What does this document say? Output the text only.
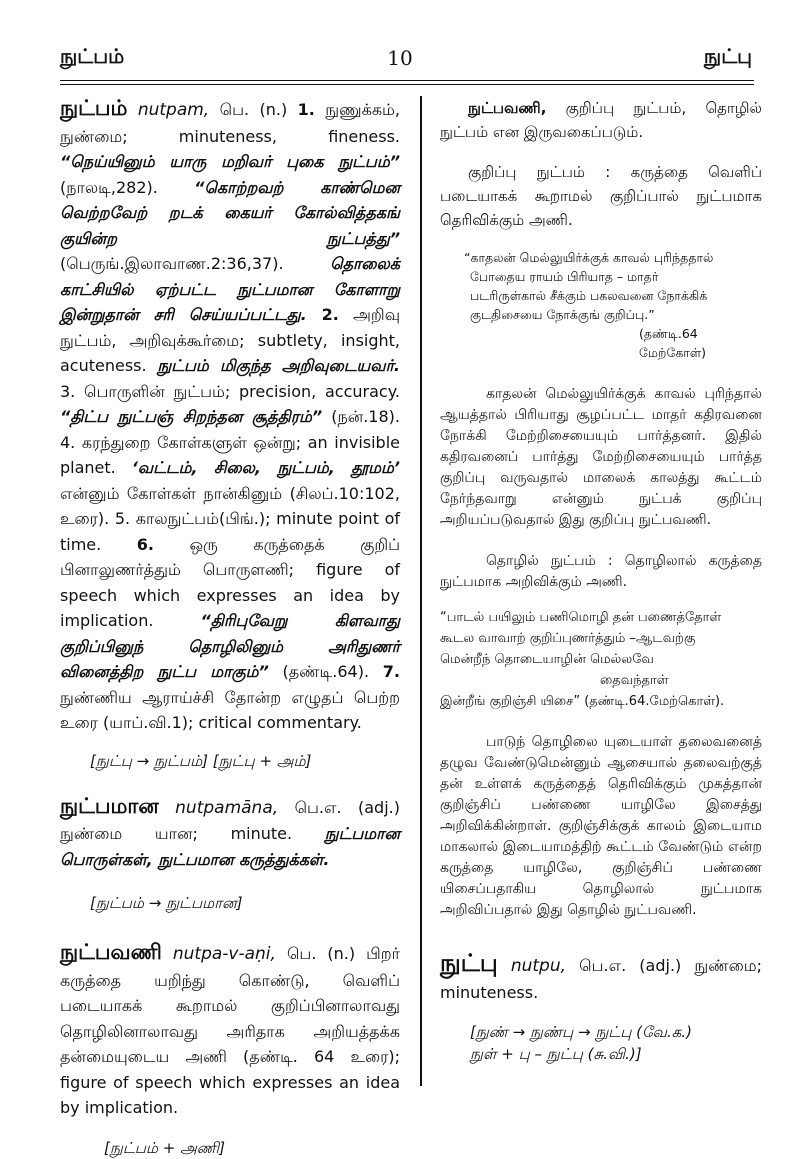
நுட்பம்	10	நுட்பு

நுட்பம் nutpam, பெ. (n.) 1. நுணுக்கம், நுண்மை; minuteness, fineness. “நெய்யினும் யாரு மறிவர் புகை நுட்பம்” (நாலடி,282). “கொற்றவற் காண்மென வெற்றவேற் றடக் கையர் கோல்வித்தகங் குயின்ற நுட்பத்து” (பெருங்.இலாவாண.2:36,37). தொலைக் காட்சியில் ஏற்பட்ட நுட்பமான கோளாறு இன்றுதான் சரி செய்யப்பட்டது. 2. அறிவு நுட்பம், அறிவுக்கூர்மை; subtlety, insight, acuteness. நுட்பம் மிகுந்த அறிவுடையவர். 3. பொருளின் நுட்பம்; precision, accuracy. “திட்ப நுட்பஞ் சிறந்தன சூத்திரம்” (நன்.18). 4. கரந்துறை கோள்களுள் ஒன்று; an invisible planet. ‘வட்டம், சிலை, நுட்பம், தூமம்’ என்னும் கோள்கள் நான்கினும் (சிலப்.10:102, உரை). 5. காலநுட்பம்(பிங்.); minute point of time. 6. ஒரு கருத்தைக் குறிப் பினாலுணர்த்தும் பொருளணி; figure of speech which expresses an idea by implication. “திரிபுவேறு கிளவாது குறிப்பினுந் தொழிலினும் அரிதுணர் வினைத்திற நுட்ப மாகும்” (தண்டி.64). 7. நுண்ணிய ஆராய்ச்சி தோன்ற எழுதப் பெற்ற உரை (யாப்.வி.1); critical commentary.

[நுட்பு → நுட்பம்] [நுட்பு + அம்]

நுட்பமான nutpamāna, பெ.எ. (adj.) நுண்மை யான; minute. நுட்பமான பொருள்கள், நுட்பமான கருத்துக்கள்.

[நுட்பம் → நுட்பமான]

நுட்பவணி nutpa-v-aṇi, பெ. (n.) பிறர் கருத்தை யறிந்து கொண்டு, வெளிப் படையாகக் கூறாமல் குறிப்பினாலாவது தொழிலினாலாவது அரிதாக அறியத்தக்க தன்மையுடைய அணி (தண்டி. 64 உரை); figure of speech which expresses an idea by implication.

[நுட்பம் + அணி]

நுட்பவணி, குறிப்பு நுட்பம், தொழில் நுட்பம் என இருவகைப்படும்.

குறிப்பு நுட்பம் : கருத்தை வெளிப் படையாகக் கூறாமல் குறிப்பால் நுட்பமாக தெரிவிக்கும் அணி.

“காதலன் மெல்லுயிர்க்குக் காவல் புரிந்ததால்
போதைய ராயம் பிரியாத – மாதர்
படரிருள்கால் சீக்கும் பகலவனை நோக்கிக்
குடதிசையை நோக்குங் குறிப்பு.”
(தண்டி.64 மேற்கோள்)

காதலன் மெல்லுயிர்க்குக் காவல் புரிந்தால் ஆயத்தால் பிரியாது சூழப்பட்ட மாதர் கதிரவனை நோக்கி மேற்றிசையையும் பார்த்தனர். இதில் கதிரவனைப் பார்த்து மேற்றிசையையும் பார்த்த குறிப்பு வருவதால் மாலைக் காலத்து கூட்டம் நேர்ந்தவாறு என்னும் நுட்பக் குறிப்பு அறியப்படுவதால் இது குறிப்பு நுட்பவணி.

தொழில் நுட்பம் : தொழிலால் கருத்தை நுட்பமாக அறிவிக்கும் அணி.

“பாடல் பயிலும் பணிமொழி தன் பணைத்தோள்
கூடல வாவாற் குறிப்புணர்த்தும் –ஆடவற்கு
மென்றீந் தொடையாழின் மெல்லவே
தைவந்தாள்
இன்றீங் குறிஞ்சி யிசை” (தண்டி.64.மேற்கொள்).

பாடுந் தொழிலை யுடையாள் தலைவனைத் தழுவ வேண்டுமென்னும் ஆசையால் தலைவற்குத் தன் உள்ளக் கருத்தைத் தெரிவிக்கும் முகத்தான் குறிஞ்சிப் பண்ணை யாழிலே இசைத்து அறிவிக்கின்றாள். குறிஞ்சிக்குக் காலம் இடையாம மாகலால் இடையாமத்திற் கூட்டம் வேண்டும் என்ற கருத்தை யாழிலே, குறிஞ்சிப் பண்ணை யிசைப்பதாகிய தொழிலால் நுட்பமாக அறிவிப்பதால் இது தொழில் நுட்பவணி.

நுட்பு nutpu, பெ.எ. (adj.) நுண்மை; minuteness.

[நுண் → நுண்பு → நுட்பு (வே.க.)

நுள் + பு – நுட்பு (சு.வி.)]
